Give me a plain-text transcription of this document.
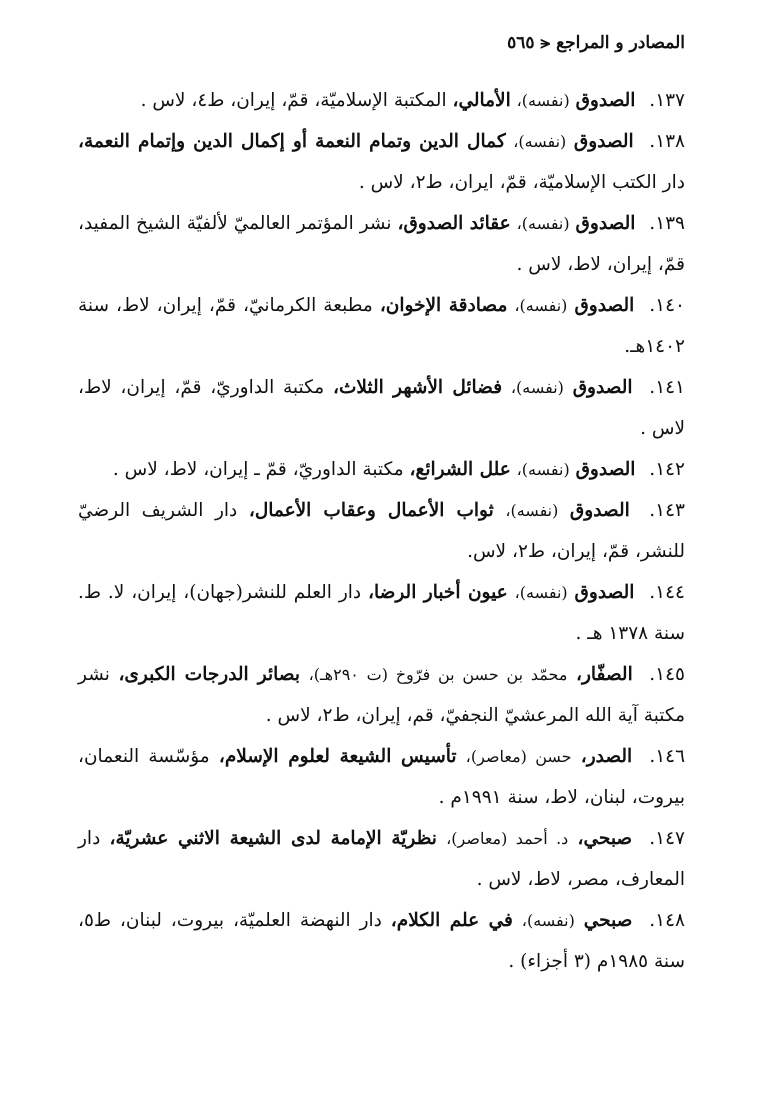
المصادر و المراجع
⪪
٥٦٥

١٣٧. الصدوق (نفسه)، الأمالي، المكتبة الإسلاميّة، قمّ، إيران، ط٤، لاس .

١٣٨. الصدوق (نفسه)، كمال الدين وتمام النعمة أو إكمال الدين وإتمام النعمة، دار الكتب الإسلاميّة، قمّ، ايران، ط٢، لاس .

١٣٩. الصدوق (نفسه)، عقائد الصدوق، نشر المؤتمر العالميّ لألفيّة الشيخ المفيد، قمّ، إيران، لاط، لاس .

١٤٠. الصدوق (نفسه)، مصادقة الإخوان، مطبعة الكرمانيّ، قمّ، إيران، لاط، سنة ١٤٠٢هـ.

١٤١. الصدوق (نفسه)، فضائل الأشهر الثلاث، مكتبة الداوريّ، قمّ، إيران، لاط، لاس .

١٤٢. الصدوق (نفسه)، علل الشرائع، مكتبة الداوريّ، قمّ ـ إيران، لاط، لاس .

١٤٣. الصدوق (نفسه)، ثواب الأعمال وعقاب الأعمال، دار الشريف الرضيّ للنشر، قمّ، إيران، ط٢، لاس.

١٤٤. الصدوق (نفسه)، عيون أخبار الرضا، دار العلم للنشر(جهان)، إيران، لا. ط. سنة ١٣٧٨ هـ .

١٤٥. الصفّار، محمّد بن حسن بن فرّوخ (ت ٢٩٠هـ)، بصائر الدرجات الكبرى، نشر مكتبة آية الله المرعشيّ النجفيّ، قم، إيران، ط٢، لاس .

١٤٦. الصدر، حسن (معاصر)، تأسيس الشيعة لعلوم الإسلام، مؤسّسة النعمان، بيروت، لبنان، لاط، سنة ١٩٩١م .

١٤٧. صبحي، د. أحمد (معاصر)، نظريّة الإمامة لدى الشيعة الاثني عشريّة، دار المعارف، مصر، لاط، لاس .

١٤٨. صبحي (نفسه)، في علم الكلام، دار النهضة العلميّة، بيروت، لبنان، ط٥، سنة ١٩٨٥م (٣ أجزاء) .
